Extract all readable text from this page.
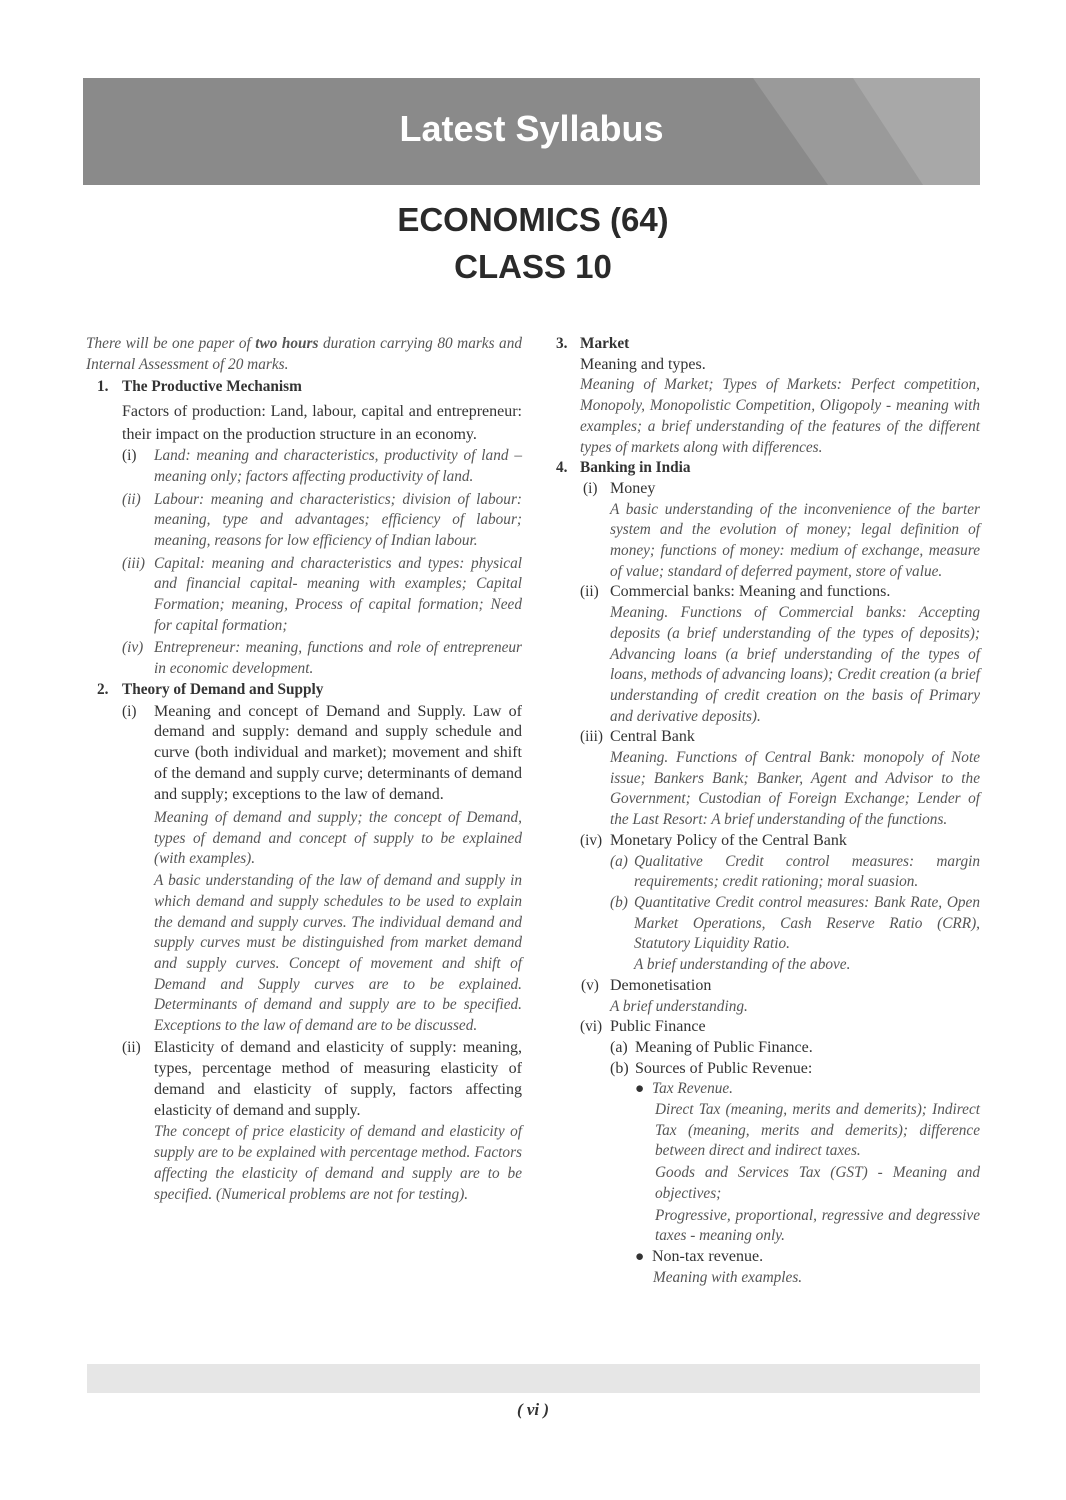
Latest Syllabus
ECONOMICS (64)
CLASS 10

There will be one paper of two hours duration carrying 80 marks and Internal Assessment of 20 marks.

1. The Productive Mechanism

Factors of production: Land, labour, capital and entrepreneur: their impact on the production structure in an economy.

(i)	Land: meaning and characteristics, productivity of land – meaning only; factors affecting productivity of land.

(ii) Labour: meaning and characteristics; division of labour: meaning, type and advantages; efficiency of labour; meaning, reasons for low efficiency of Indian labour.

(iii) Capital: meaning and characteristics and types: physical and financial capital- meaning with examples; Capital Formation; meaning, Process of capital formation; Need for capital formation;

(iv) Entrepreneur: meaning, functions and role of entrepreneur in economic development.

2. Theory of Demand and Supply
(i)	Meaning and concept of Demand and Supply. Law of demand and supply: demand and supply schedule and curve (both individual and market); movement and shift of the demand and supply curve; determinants of demand and supply; exceptions to the law of demand.

Meaning of demand and supply; the concept of Demand, types of demand and concept of supply to be explained (with examples).

A basic understanding of the law of demand and supply in which demand and supply schedules to be used to explain the demand and supply curves. The individual demand and supply curves must be distinguished from market demand and supply curves. Concept of movement and shift of Demand and Supply curves are to be explained. Determinants of demand and supply are to be specified. Exceptions to the law of demand are to be discussed.

(ii) Elasticity of demand and elasticity of supply: meaning, types, percentage method of measuring elasticity of demand and elasticity of supply, factors affecting elasticity of demand and supply.

The concept of price elasticity of demand and elasticity of supply are to be explained with percentage method. Factors affecting the elasticity of demand and supply are to be specified. (Numerical problems are not for testing).

3. Market

Meaning and types.

Meaning of Market; Types of Markets: Perfect competition, Monopoly, Monopolistic Competition, Oligopoly - meaning with examples; a brief understanding of the features of the different types of markets along with differences.

4. Banking in India
(i) Money

A basic understanding of the inconvenience of the barter system and the evolution of money; legal definition of money; functions of money: medium of exchange, measure of value; standard of deferred payment, store of value.

(ii) Commercial banks: Meaning and functions.

Meaning. Functions of Commercial banks: Accepting deposits (a brief understanding of the types of deposits); Advancing loans (a brief understanding of the types of loans, methods of advancing loans); Credit creation (a brief understanding of credit creation on the basis of Primary and derivative deposits).

(iii) Central Bank

Meaning. Functions of Central Bank: monopoly of Note issue; Bankers Bank; Banker, Agent and Advisor to the Government; Custodian of Foreign Exchange; Lender of the Last Resort: A brief understanding of the functions.

(iv) Monetary Policy of the Central Bank

(a) Qualitative Credit control measures: margin requirements; credit rationing; moral suasion.

(b) Quantitative Credit control measures: Bank Rate, Open Market Operations, Cash Reserve Ratio (CRR), Statutory Liquidity Ratio.

A brief understanding of the above.

(v) Demonetisation

A brief understanding.

(vi) Public Finance

(a) Meaning of Public Finance.

(b) Sources of Public Revenue:

● Tax Revenue.

Direct Tax (meaning, merits and demerits); Indirect Tax (meaning, merits and demerits); difference between direct and indirect taxes.

Goods and Services Tax (GST) - Meaning and objectives;

Progressive, proportional, regressive and degressive taxes - meaning only.

● Non-tax revenue.

Meaning with examples.

( vi )
